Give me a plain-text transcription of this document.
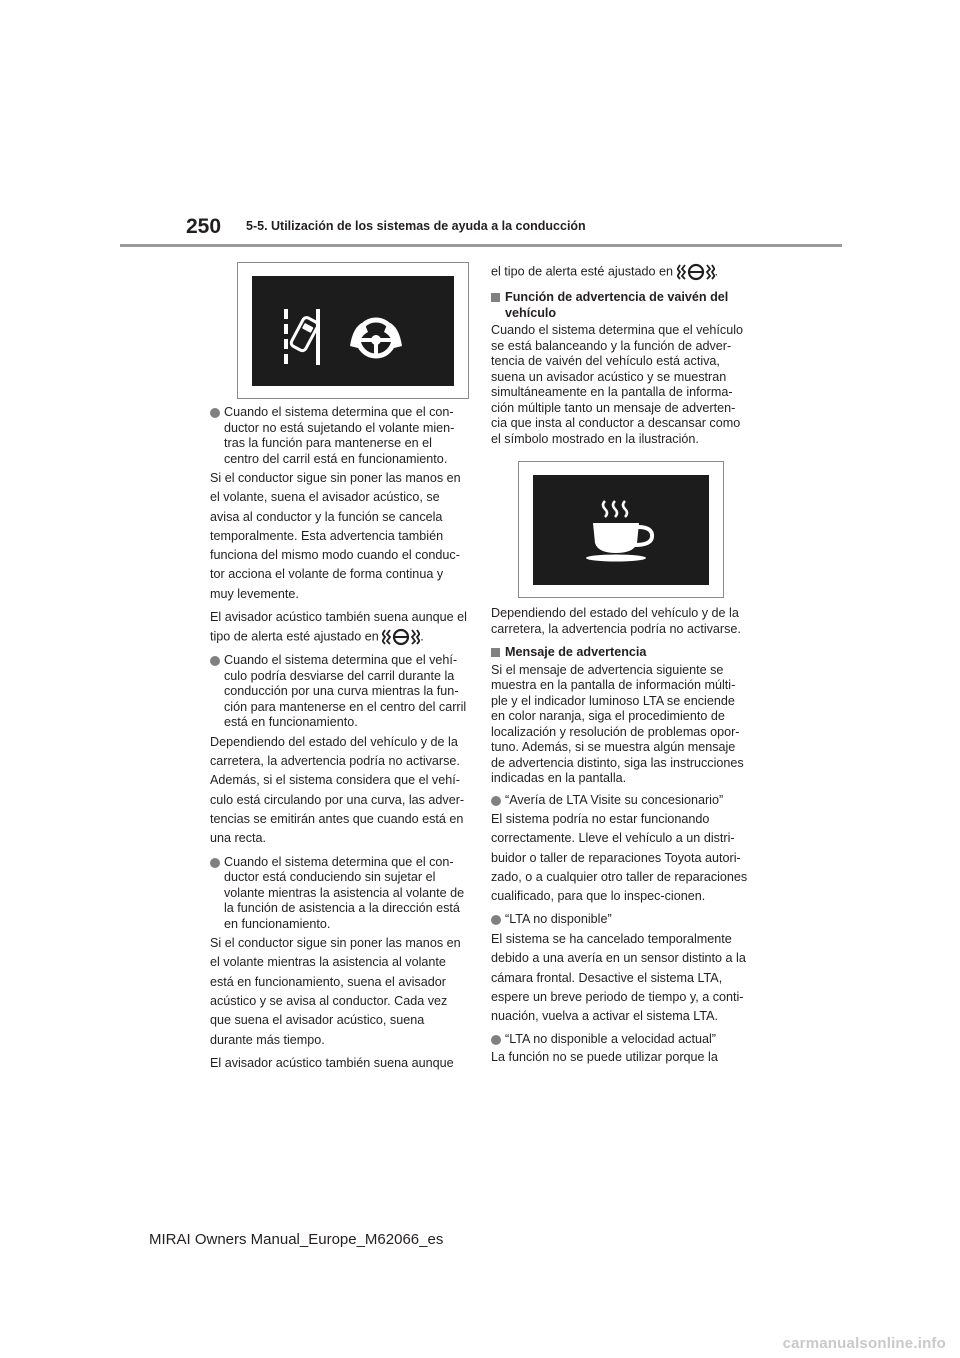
250 5-5. Utilización de los sistemas de ayuda a la conducción
Cuando el sistema determina que el con-ductor no está sujetando el volante mien-tras la función para mantenerse en el centro del carril está en funcionamiento.
Si el conductor sigue sin poner las manos en el volante, suena el avisador acústico, se avisa al conductor y la función se cancela temporalmente. Esta advertencia también funciona del mismo modo cuando el conduc-tor acciona el volante de forma continua y muy levemente.
El avisador acústico también suena aunque el tipo de alerta esté ajustado en	.
Cuando el sistema determina que el vehí-culo podría desviarse del carril durante la conducción por una curva mientras la fun-ción para mantenerse en el centro del carril está en funcionamiento.
Dependiendo del estado del vehículo y de la carretera, la advertencia podría no activarse. Además, si el sistema considera que el vehí-culo está circulando por una curva, las adver-tencias se emitirán antes que cuando está en una recta.
Cuando el sistema determina que el con-ductor está conduciendo sin sujetar el volante mientras la asistencia al volante de la función de asistencia a la dirección está en funcionamiento.
Si el conductor sigue sin poner las manos en el volante mientras la asistencia al volante está en funcionamiento, suena el avisador acústico y se avisa al conductor. Cada vez que suena el avisador acústico, suena durante más tiempo.
El avisador acústico también suena aunque
el tipo de alerta esté ajustado en	.
Función de advertencia de vaivén del vehículo
Cuando el sistema determina que el vehículo se está balanceando y la función de adver-tencia de vaivén del vehículo está activa, suena un avisador acústico y se muestran simultáneamente en la pantalla de informa-ción múltiple tanto un mensaje de adverten-cia que insta al conductor a descansar como el símbolo mostrado en la ilustración.
Dependiendo del estado del vehículo y de la carretera, la advertencia podría no activarse.
Mensaje de advertencia
Si el mensaje de advertencia siguiente se muestra en la pantalla de información múlti-ple y el indicador luminoso LTA se enciende en color naranja, siga el procedimiento de localización y resolución de problemas opor-tuno. Además, si se muestra algún mensaje de advertencia distinto, siga las instrucciones indicadas en la pantalla.
“Avería de LTA Visite su concesionario”
El sistema podría no estar funcionando correctamente. Lleve el vehículo a un distri-buidor o taller de reparaciones Toyota autori-zado, o a cualquier otro taller de reparaciones cualificado, para que lo inspec-cionen.
“LTA no disponible”
El sistema se ha cancelado temporalmente debido a una avería en un sensor distinto a la cámara frontal. Desactive el sistema LTA, espere un breve periodo de tiempo y, a conti-nuación, vuelva a activar el sistema LTA.
“LTA no disponible a velocidad actual”
La función no se puede utilizar porque la
MIRAI Owners Manual_Europe_M62066_es
carmanualsonline.info
